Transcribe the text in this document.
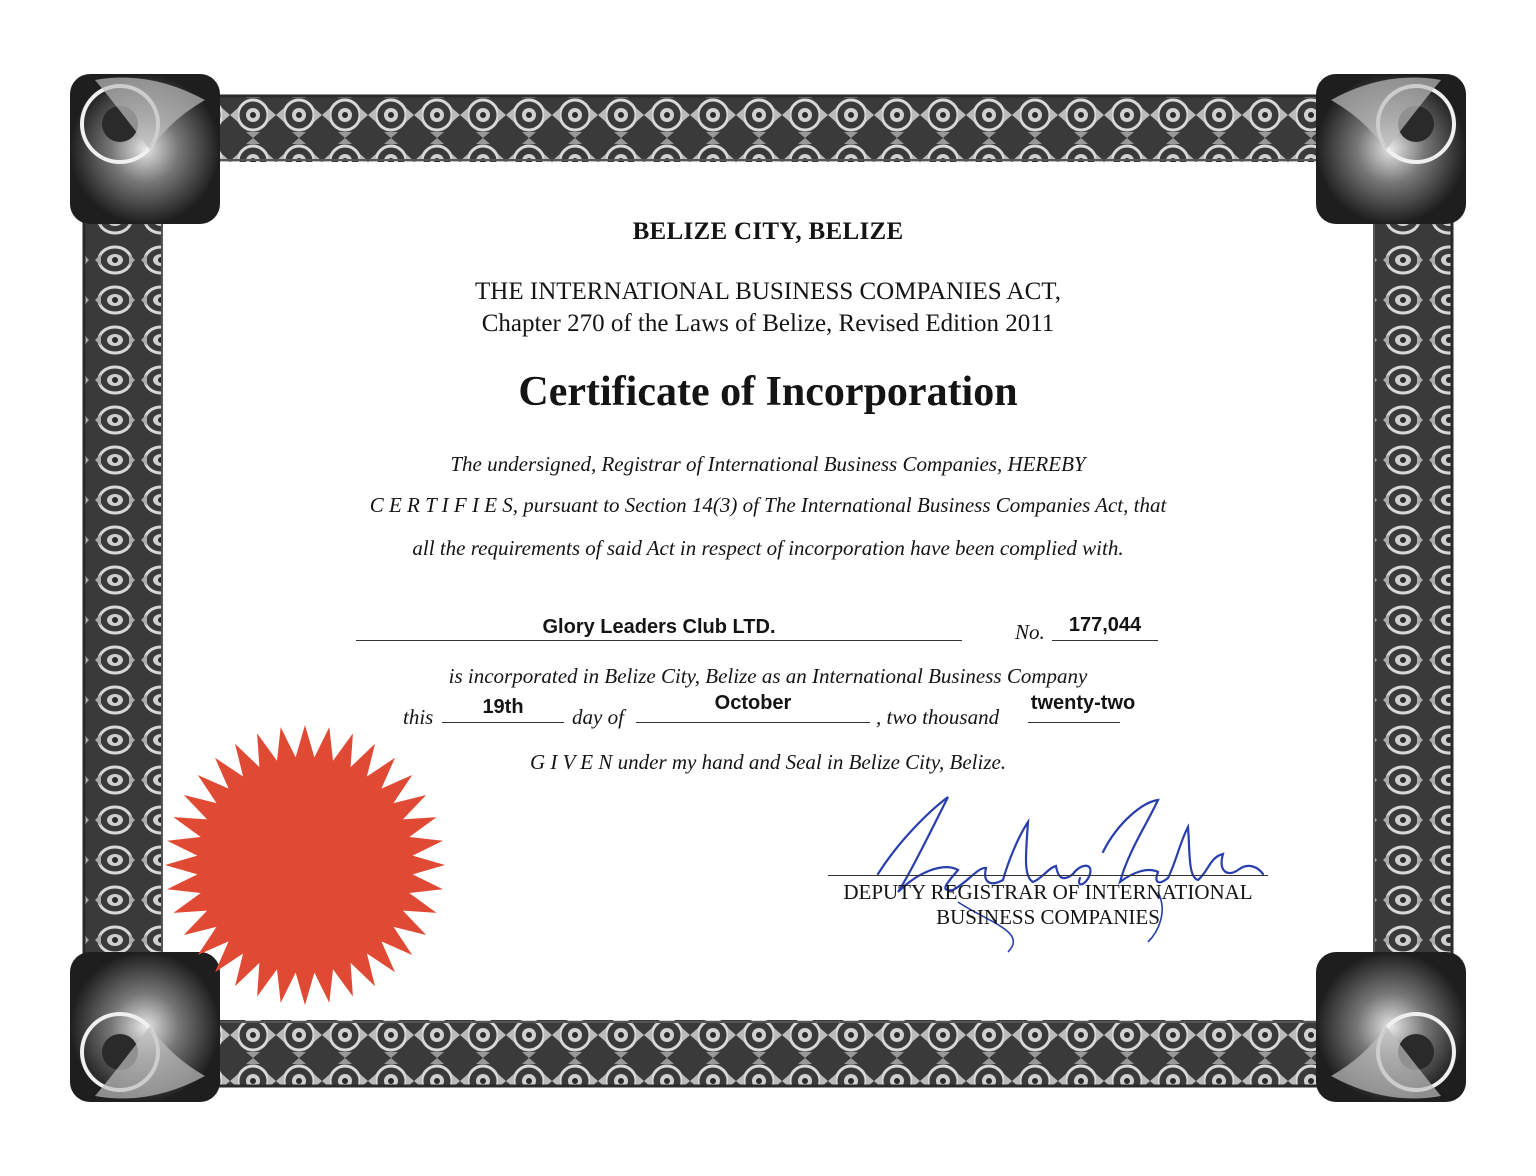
BELIZE CITY, BELIZE
THE INTERNATIONAL BUSINESS COMPANIES ACT,
Chapter 270 of the Laws of Belize, Revised Edition 2011
Certificate of Incorporation
The undersigned, Registrar of International Business Companies, HEREBY
C E R T I F I E S, pursuant to Section 14(3) of The International Business Companies Act, that
all the requirements of said Act in respect of incorporation have been complied with.
Glory Leaders Club LTD.	No.	177,044
is incorporated in Belize City, Belize as an International Business Company
this	19th	day of
October
, two thousand
twenty-two
G I V E N under my hand and Seal in Belize City, Belize.
DEPUTY REGISTRAR OF INTERNATIONAL
BUSINESS COMPANIES
